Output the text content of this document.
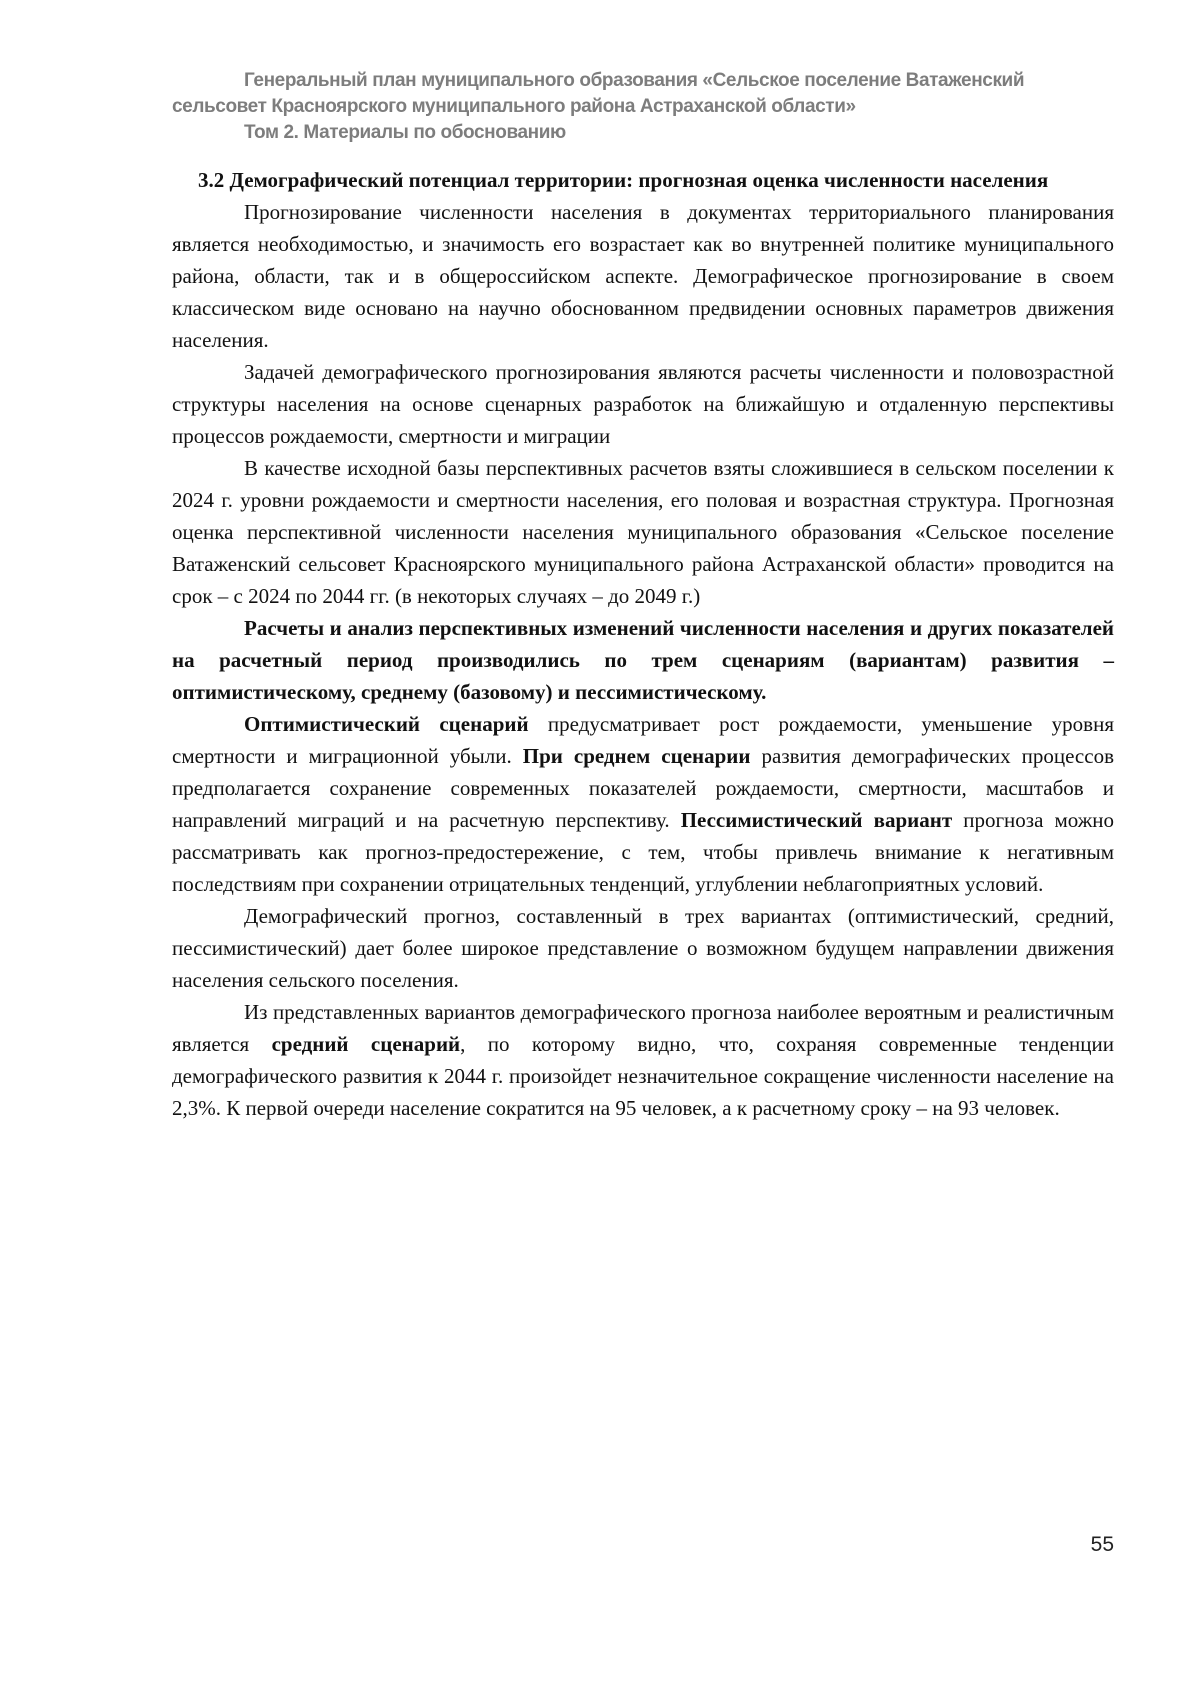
Генеральный план муниципального образования «Сельское поселение Ватаженский
сельсовет Красноярского муниципального района Астраханской области»
Том 2. Материалы по обоснованию

3.2 Демографический потенциал территории: прогнозная оценка численности населения

Прогнозирование численности населения в документах территориального планирования является необходимостью, и значимость его возрастает как во внутренней политике муниципального района, области, так и в общероссийском аспекте. Демографическое прогнозирование в своем классическом виде основано на научно обоснованном предвидении основных параметров движения населения.

Задачей демографического прогнозирования являются расчеты численности и половозрастной структуры населения на основе сценарных разработок на ближайшую и отдаленную перспективы процессов рождаемости, смертности и миграции

В качестве исходной базы перспективных расчетов взяты сложившиеся в сельском поселении к 2024 г. уровни рождаемости и смертности населения, его половая и возрастная структура. Прогнозная оценка перспективной численности населения муниципального образования «Сельское поселение Ватаженский сельсовет Красноярского муниципального района Астраханской области» проводится на срок – с 2024 по 2044 гг. (в некоторых случаях – до 2049 г.)

Расчеты и анализ перспективных изменений численности населения и других показателей на расчетный период производились по трем сценариям (вариантам) развития – оптимистическому, среднему (базовому) и пессимистическому.

Оптимистический сценарий предусматривает рост рождаемости, уменьшение уровня смертности и миграционной убыли. При среднем сценарии развития демографических процессов предполагается сохранение современных показателей рождаемости, смертности, масштабов и направлений миграций и на расчетную перспективу. Пессимистический вариант прогноза можно рассматривать как прогноз-предостережение, с тем, чтобы привлечь внимание к негативным последствиям при сохранении отрицательных тенденций, углублении неблагоприятных условий.

Демографический прогноз, составленный в трех вариантах (оптимистический, средний, пессимистический) дает более широкое представление о возможном будущем направлении движения населения сельского поселения.

Из представленных вариантов демографического прогноза наиболее вероятным и реалистичным является средний сценарий, по которому видно, что, сохраняя современные тенденции демографического развития к 2044 г. произойдет незначительное сокращение численности население на 2,3%. К первой очереди население сократится на 95 человек, а к расчетному сроку – на 93 человек.

55
